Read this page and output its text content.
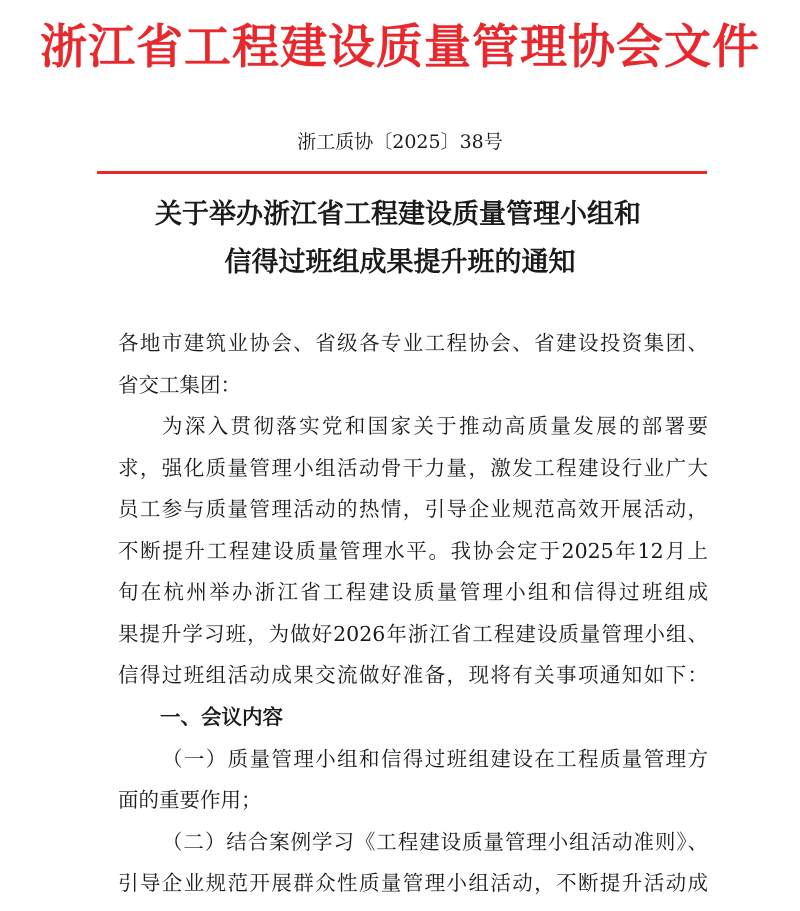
浙江省工程建设质量管理协会文件
浙工质协〔2025〕38号
关于举办浙江省工程建设质量管理小组和
信得过班组成果提升班的通知
各地市建筑业协会、省级各专业工程协会、省建设投资集团、
省交工集团：
为深入贯彻落实党和国家关于推动高质量发展的部署要
求，强化质量管理小组活动骨干力量，激发工程建设行业广大
员工参与质量管理活动的热情，引导企业规范高效开展活动，
不断提升工程建设质量管理水平。我协会定于2025年12月上
旬在杭州举办浙江省工程建设质量管理小组和信得过班组成
果提升学习班，为做好2026年浙江省工程建设质量管理小组、
信得过班组活动成果交流做好准备，现将有关事项通知如下：
一、会议内容
（一）质量管理小组和信得过班组建设在工程质量管理方
面的重要作用；
（二）结合案例学习《工程建设质量管理小组活动准则》、
引导企业规范开展群众性质量管理小组活动，不断提升活动成
